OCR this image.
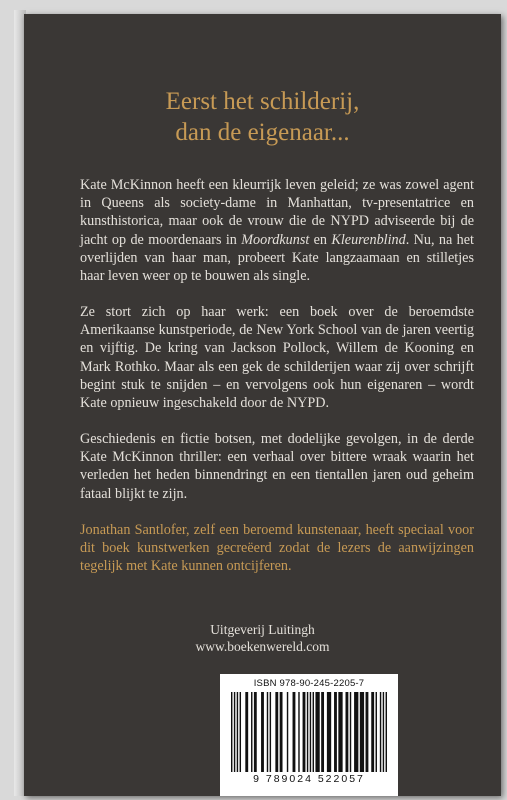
Eerst het schilderij,
dan de eigenaar...

Kate McKinnon heeft een kleurrijk leven geleid; ze was zowel agent in Queens als society-dame in Manhattan, tv-presentatrice en kunsthistorica, maar ook de vrouw die de NYPD adviseerde bij de jacht op de moordenaars in Moordkunst en Kleurenblind. Nu, na het overlijden van haar man, probeert Kate langzaamaan en stilletjes haar leven weer op te bouwen als single.

Ze stort zich op haar werk: een boek over de beroemdste Amerikaanse kunstperiode, de New York School van de jaren veertig en vijftig. De kring van Jackson Pollock, Willem de Kooning en Mark Rothko. Maar als een gek de schilderijen waar zij over schrijft begint stuk te snijden – en vervolgens ook hun eigenaren – wordt Kate opnieuw ingeschakeld door de NYPD.

Geschiedenis en fictie botsen, met dodelijke gevolgen, in de derde Kate McKinnon thriller: een verhaal over bittere wraak waarin het verleden het heden binnendringt en een tientallen jaren oud geheim fataal blijkt te zijn.

Jonathan Santlofer, zelf een beroemd kunstenaar, heeft speciaal voor dit boek kunstwerken gecreëerd zodat de lezers de aanwijzingen tegelijk met Kate kunnen ontcijferen.

Uitgeverij Luitingh
www.boekenwereld.com
ISBN 978-90-245-2205-7
9 789024 522057
